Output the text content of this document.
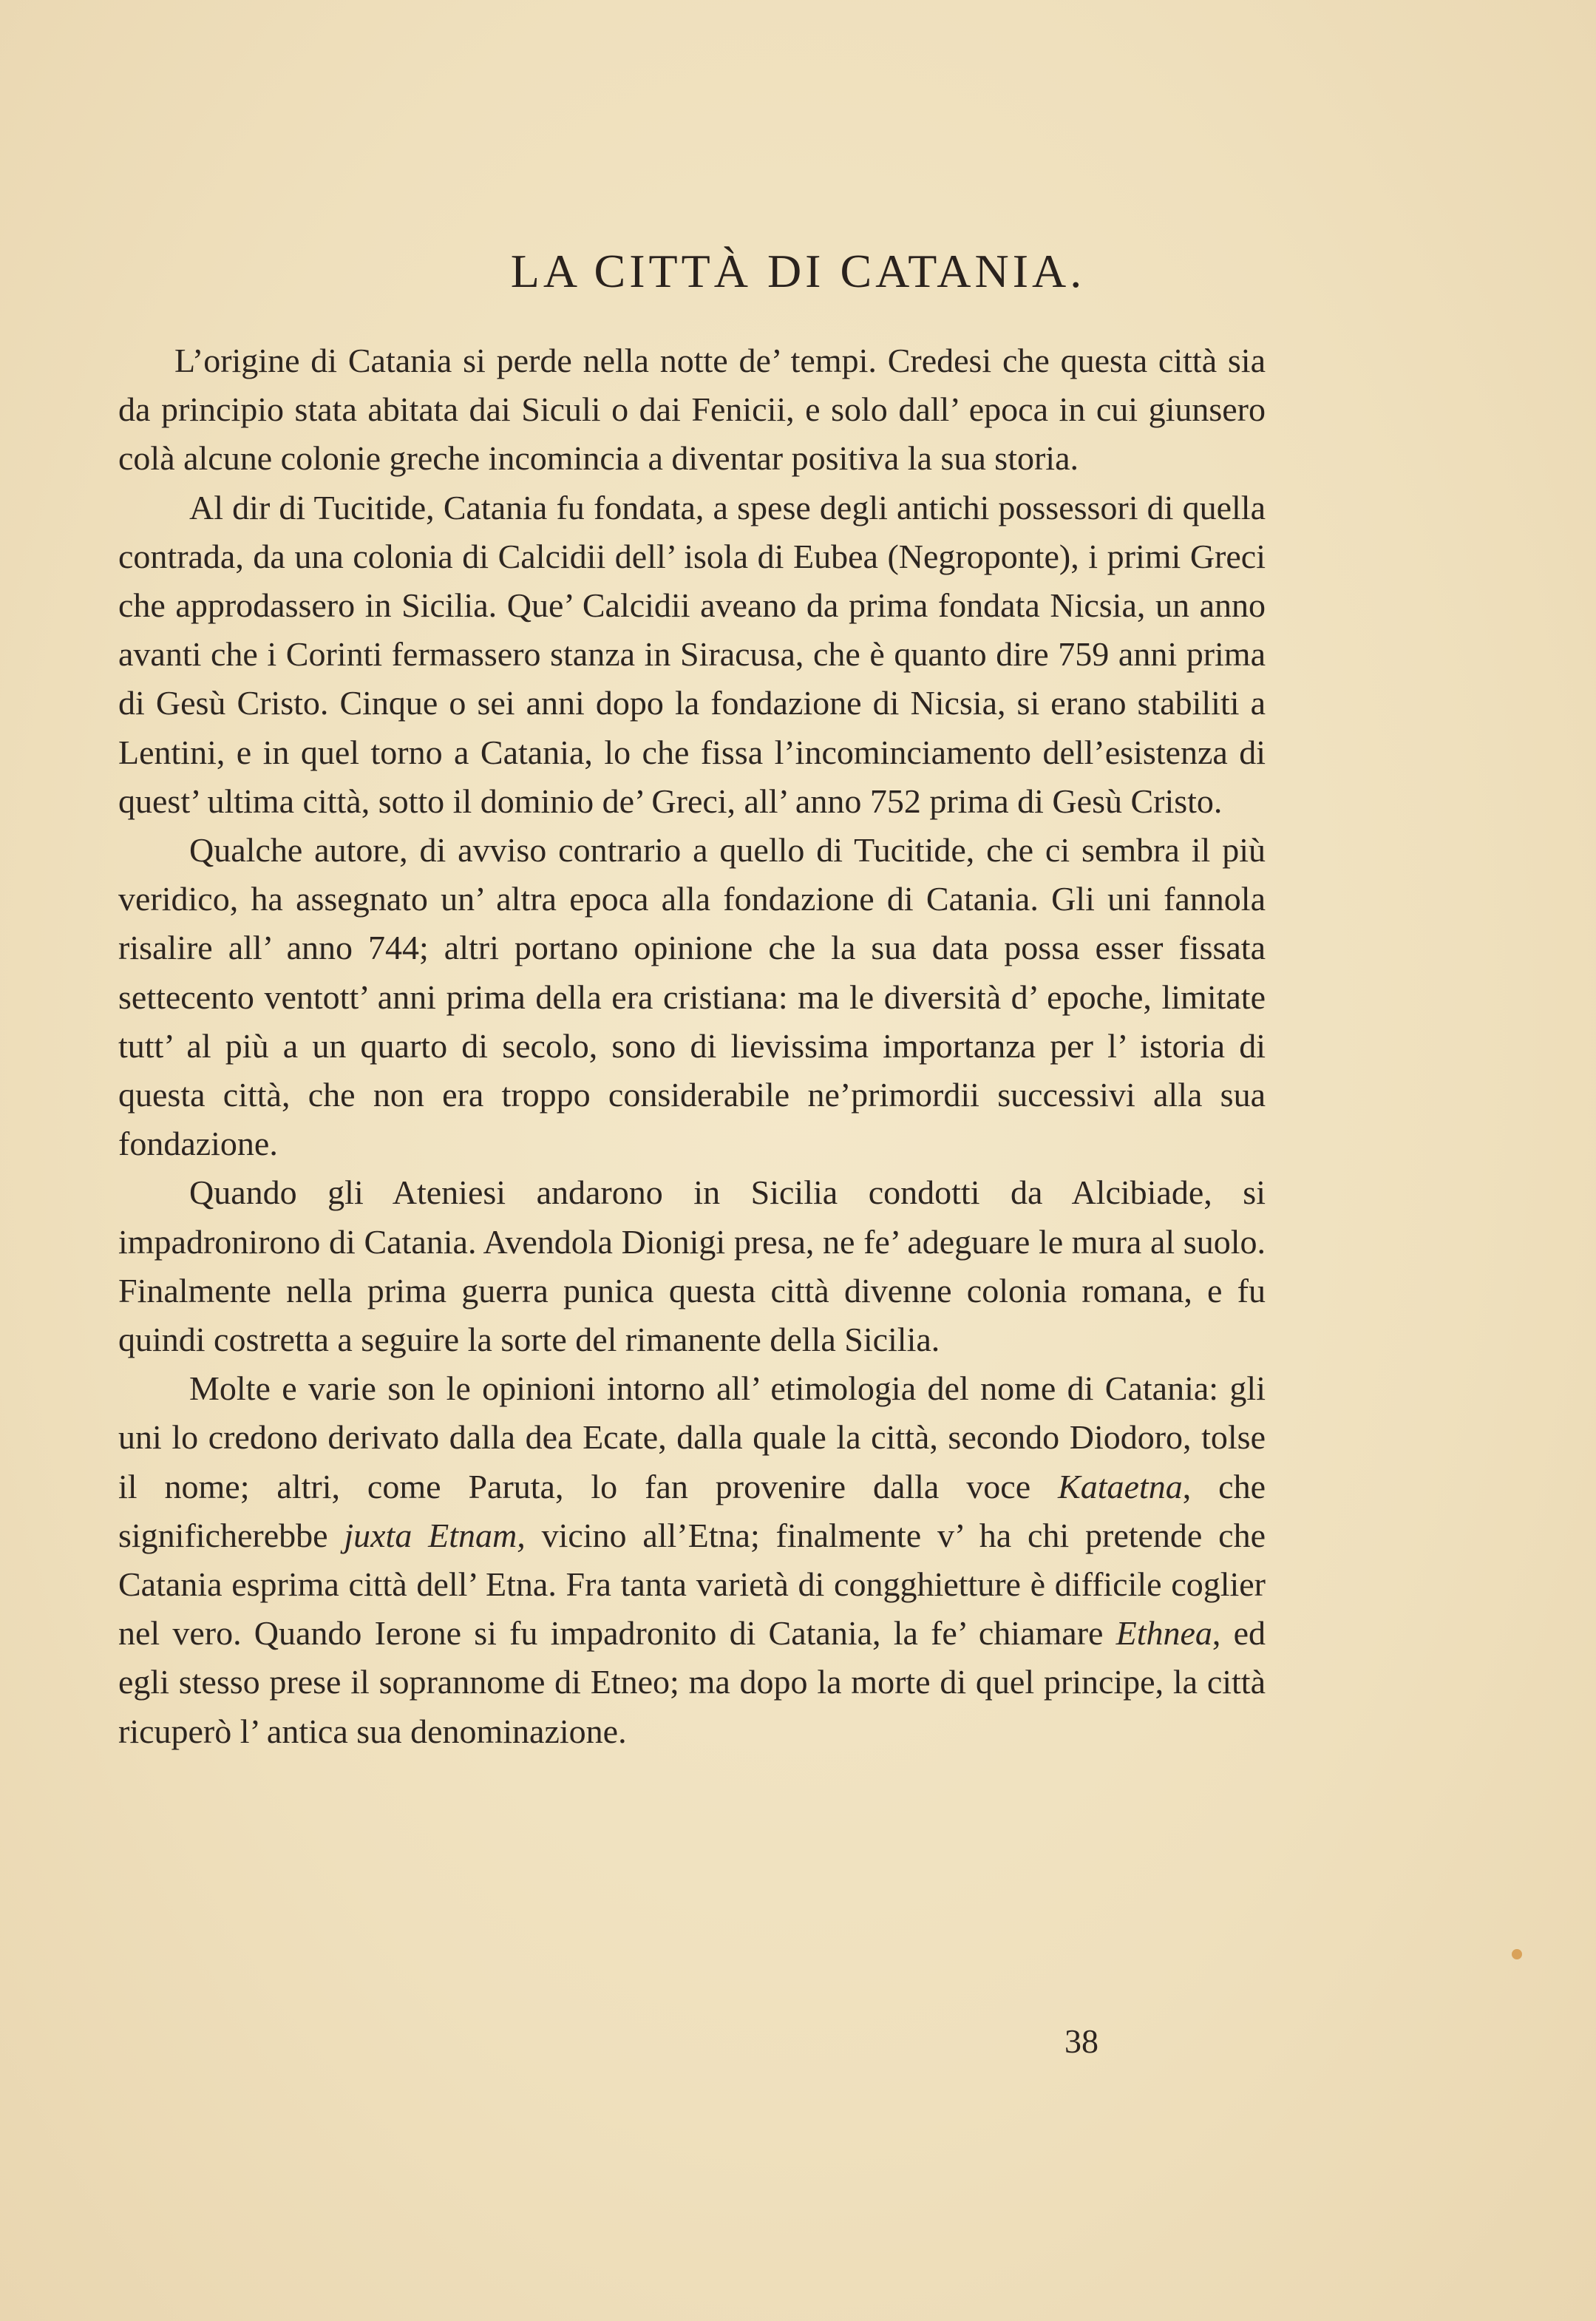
LA CITTÀ DI CATANIA.

L’origine di Catania si perde nella notte de’ tempi. Credesi che questa città sia da principio stata abitata dai Siculi o dai Fenicii, e solo dall’ epoca in cui giunsero colà alcune colonie greche incomincia a diventar positiva la sua storia.

Al dir di Tucitide, Catania fu fondata, a spese degli antichi possessori di quella contrada, da una colonia di Calcidii dell’ isola di Eubea (Negroponte), i primi Greci che approdassero in Sicilia. Que’ Calcidii aveano da prima fondata Nicsia, un anno avanti che i Corinti fermassero stanza in Siracusa, che è quanto dire 759 anni prima di Gesù Cristo. Cinque o sei anni dopo la fondazione di Nicsia, si erano stabiliti a Lentini, e in quel torno a Catania, lo che fissa l’incominciamento dell’esistenza di quest’ ultima città, sotto il dominio de’ Greci, all’ anno 752 prima di Gesù Cristo.

Qualche autore, di avviso contrario a quello di Tucitide, che ci sembra il più veridico, ha assegnato un’ altra epoca alla fondazione di Catania. Gli uni fannola risalire all’ anno 744; altri portano opinione che la sua data possa esser fissata settecento ventott’ anni prima della era cristiana: ma le diversità d’ epoche, limitate tutt’ al più a un quarto di secolo, sono di lievissima importanza per l’ istoria di questa città, che non era troppo considerabile ne’primordii successivi alla sua fondazione.

Quando gli Ateniesi andarono in Sicilia condotti da Alcibiade, si impadronirono di Catania. Avendola Dionigi presa, ne fe’ adeguare le mura al suolo. Finalmente nella prima guerra punica questa città divenne colonia romana, e fu quindi costretta a seguire la sorte del rimanente della Sicilia.

Molte e varie son le opinioni intorno all’ etimologia del nome di Catania: gli uni lo credono derivato dalla dea Ecate, dalla quale la città, secondo Diodoro, tolse il nome; altri, come Paruta, lo fan provenire dalla voce Kataetna, che significherebbe juxta Etnam, vicino all’Etna; finalmente v’ ha chi pretende che Catania esprima città dell’ Etna. Fra tanta varietà di congghietture è difficile coglier nel vero. Quando Ierone si fu impadronito di Catania, la fe’ chiamare Ethnea, ed egli stesso prese il soprannome di Etneo; ma dopo la morte di quel principe, la città ricuperò l’ antica sua denominazione.

38
